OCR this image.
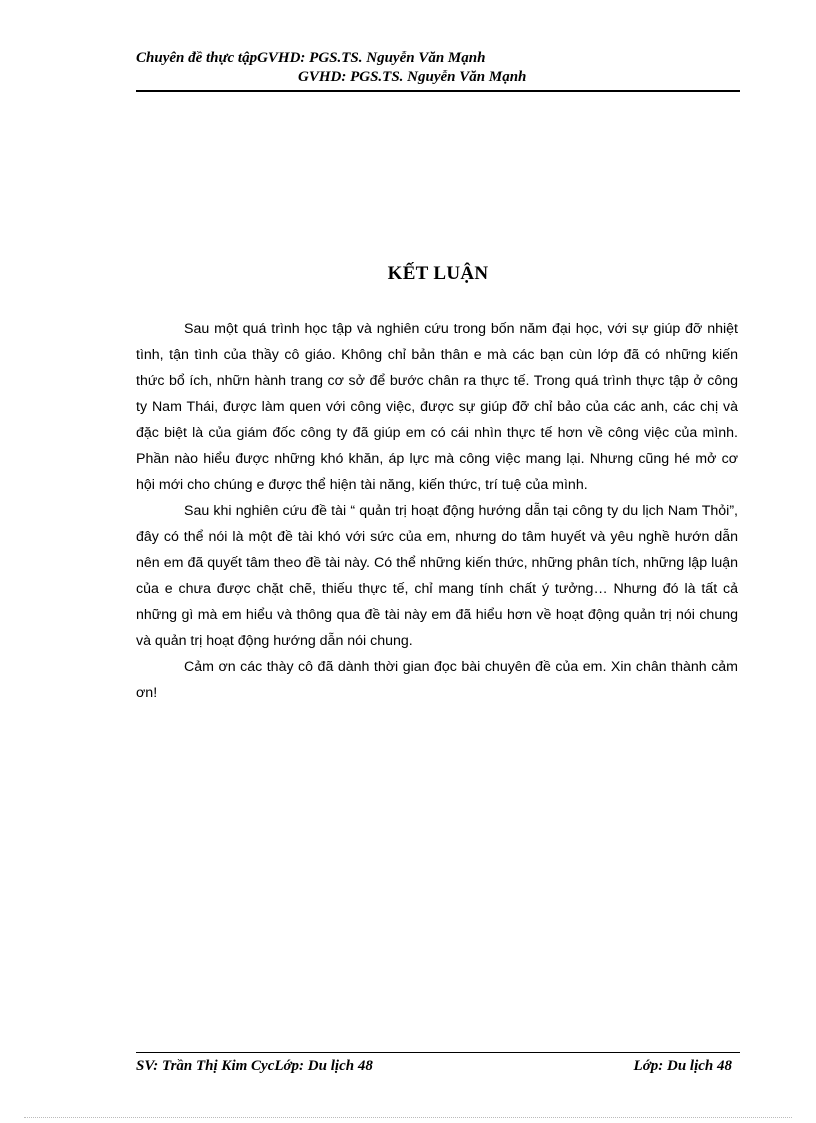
Chuyên đề thực tậpGVHD: PGS.TS. Nguyễn Văn Mạnh
GVHD: PGS.TS. Nguyễn Văn Mạnh
KẾT LUẬN

Sau một quá trình học tập và nghiên cứu trong bốn năm đại học, với sự giúp đỡ nhiệt tình, tận tình của thầy cô giáo. Không chỉ bản thân e mà các bạn cùn lớp đã có những kiến thức bổ ích, nhữn hành trang cơ sở để bước chân ra thực tế. Trong quá trình thực tập ở công ty Nam Thái, được làm quen với công việc, được sự giúp đỡ chỉ bảo của các anh, các chị và đặc biệt là của giám đốc công ty đã giúp em có cái nhìn thực tế hơn về công việc của mình. Phần nào hiểu được những khó khăn, áp lực mà công việc mang lại. Nhưng cũng hé mở cơ hội mới cho chúng e được thể hiện tài năng, kiến thức, trí tuệ của mình.

Sau khi nghiên cứu đề tài “ quản trị hoạt động hướng dẫn tại công ty du lịch Nam Thỏi”, đây có thể nói là một đề tài khó với sức của em, nhưng do tâm huyết và yêu nghề hướn dẫn nên em đã quyết tâm theo đề tài này. Có thể những kiến thức, những phân tích, những lập luận của e chưa được chặt chẽ, thiếu thực tế, chỉ mang tính chất ý tưởng… Nhưng đó là tất cả những gì mà em hiểu và thông qua đề tài này em đã hiểu hơn về hoạt động quản trị nói chung và quản trị hoạt động hướng dẫn nói chung.

Cảm ơn các thày cô đã dành thời gian đọc bài chuyên đề của em. Xin chân thành cảm ơn!

SV: Trần Thị Kim CycLớp: Du lịch 48	Lớp: Du lịch 48
